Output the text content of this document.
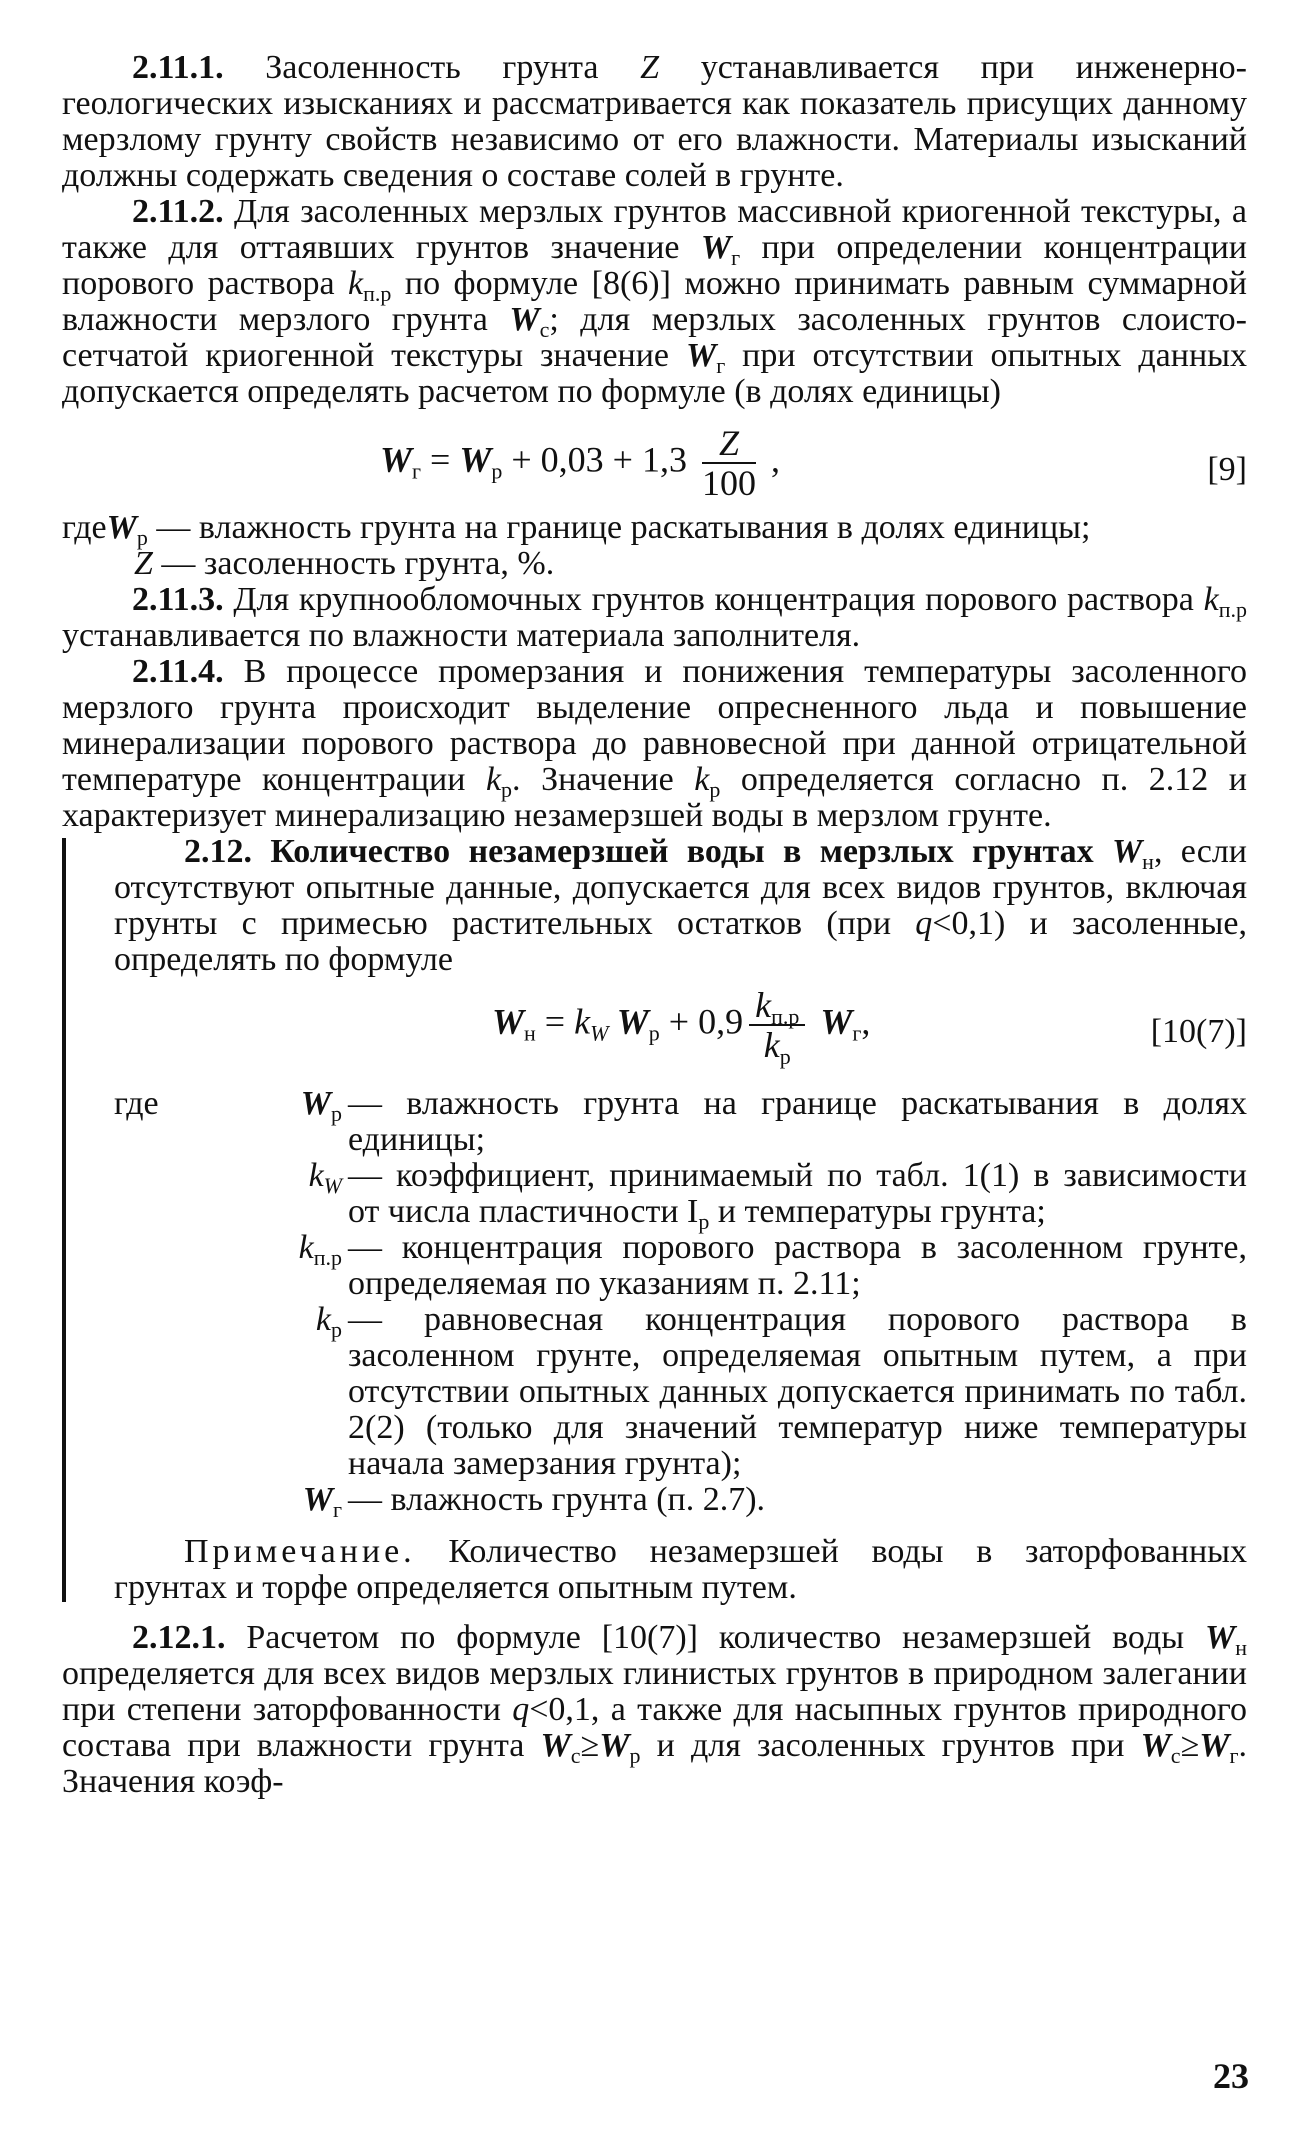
2.11.1. Засоленность грунта Z устанавливается при инженерно-геологических изысканиях и рассматривается как показатель присущих данному мерзлому грунту свойств независимо от его влажности. Материалы изысканий должны содержать сведения о составе солей в грунте.

2.11.2. Для засоленных мерзлых грунтов массивной криогенной текстуры, а также для оттаявших грунтов значение $W_г$ при определении концентрации порового раствора $k_{п.р}$ по формуле [8(6)] можно принимать равным суммарной влажности мерзлого грунта $W_с$; для мерзлых засоленных грунтов слоисто-сетчатой криогенной текстуры значение $W_г$ при отсутствии опытных данных допускается определять расчетом по формуле (в долях единицы)

$W_г = W_р + 0,03 + 1,3 \frac{Z}{100}$ ,	[9]

гдеW$_р$ — влажность грунта на границе раскатывания в долях единицы;

Z — засоленность грунта, %.

2.11.3. Для крупнообломочных грунтов концентрация порового раствора $k_{п.р}$ устанавливается по влажности материала заполнителя.

2.11.4. В процессе промерзания и понижения температуры засоленного мерзлого грунта происходит выделение опресненного льда и повышение минерализации порового раствора до равновесной при данной отрицательной температуре концентрации $k_р$. Значение $k_р$ определяется согласно п. 2.12 и характеризует минерализацию незамерзшей воды в мерзлом грунте.

2.12. Количество незамерзшей воды в мерзлых грунтах $W_н$, если отсутствуют опытные данные, допускается для всех видов грунтов, включая грунты с примесью растительных остатков (при q<0,1) и засоленные, определять по формуле

$W_н = k_W$ $W_р + 0,9 \frac{k_{п.р}}{k_р} W_г$,	[10(7)]
где	$W_р$ — влажность грунта на границе раскатывания в долях единицы;
$k_W$ — коэффициент, принимаемый по табл. 1(1) в зависимости от числа пластичности $I_р$ и температуры грунта;
$k_{п.р}$ — концентрация порового раствора в засоленном грунте, определяемая по указаниям п. 2.11;
$k_р$ — равновесная концентрация порового раствора в засоленном грунте, определяемая опытным путем, а при отсутствии опытных данных допускается принимать по табл. 2(2) (только для значений температур ниже температуры начала замерзания грунта);
$W_г$ — влажность грунта (п. 2.7).

Примечание. Количество незамерзшей воды в заторфованных грунтах и торфе определяется опытным путем.

2.12.1. Расчетом по формуле [10(7)] количество незамерзшей воды $W_н$ определяется для всех видов мерзлых глинистых грунтов в природном залегании при степени заторфованности q<0,1, а также для насыпных грунтов природного состава при влажности грунта $W_с\ge W_р$ и для засоленных грунтов при $W_с\ge W_г$. Значения коэф-

23
